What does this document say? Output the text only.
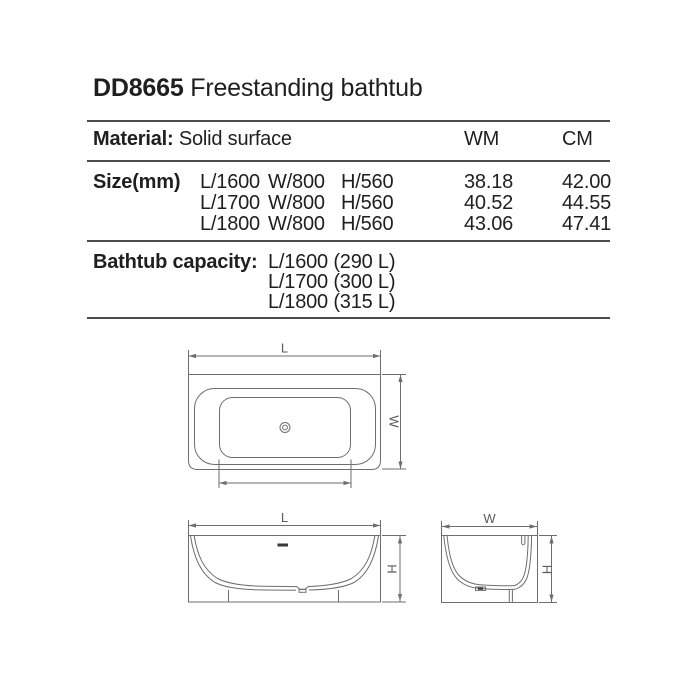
DD8665 Freestanding bathtub
Material: Solid surface	WM	CM
Size(mm) L/1600 W/800 H/560	38.18 42.00
L/1700 W/800 H/560	40.52 44.55
L/1800 W/800 H/560	43.06 47.41
Bathtub capacity: L/1600 (290 L)
L/1700 (300 L)
L/1800 (315 L)
L
W
L
H
W
H
